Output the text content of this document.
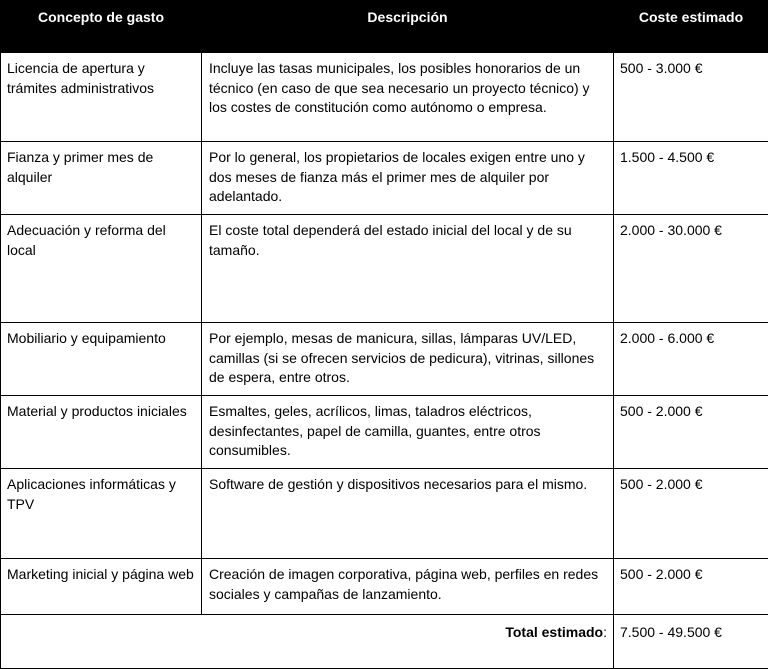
Concepto de gasto	Descripción	Coste estimado
Licencia de apertura y trámites administrativos	Incluye las tasas municipales, los posibles honorarios de un técnico (en caso de que sea necesario un proyecto técnico) y los costes de constitución como autónomo o empresa.	500 - 3.000 €
Fianza y primer mes de alquiler	Por lo general, los propietarios de locales exigen entre uno y dos meses de fianza más el primer mes de alquiler por adelantado.	1.500 - 4.500 €
Adecuación y reforma del local	El coste total dependerá del estado inicial del local y de su tamaño.	2.000 - 30.000 €
Mobiliario y equipamiento	Por ejemplo, mesas de manicura, sillas, lámparas UV/LED, camillas (si se ofrecen servicios de pedicura), vitrinas, sillones de espera, entre otros.	2.000 - 6.000 €
Material y productos iniciales	Esmaltes, geles, acrílicos, limas, taladros eléctricos, desinfectantes, papel de camilla, guantes, entre otros consumibles.	500 - 2.000 €
Aplicaciones informáticas y TPV	Software de gestión y dispositivos necesarios para el mismo.	500 - 2.000 €
Marketing inicial y página web	Creación de imagen corporativa, página web, perfiles en redes sociales y campañas de lanzamiento.	500 - 2.000 €
Total estimado:		7.500 - 49.500 €
